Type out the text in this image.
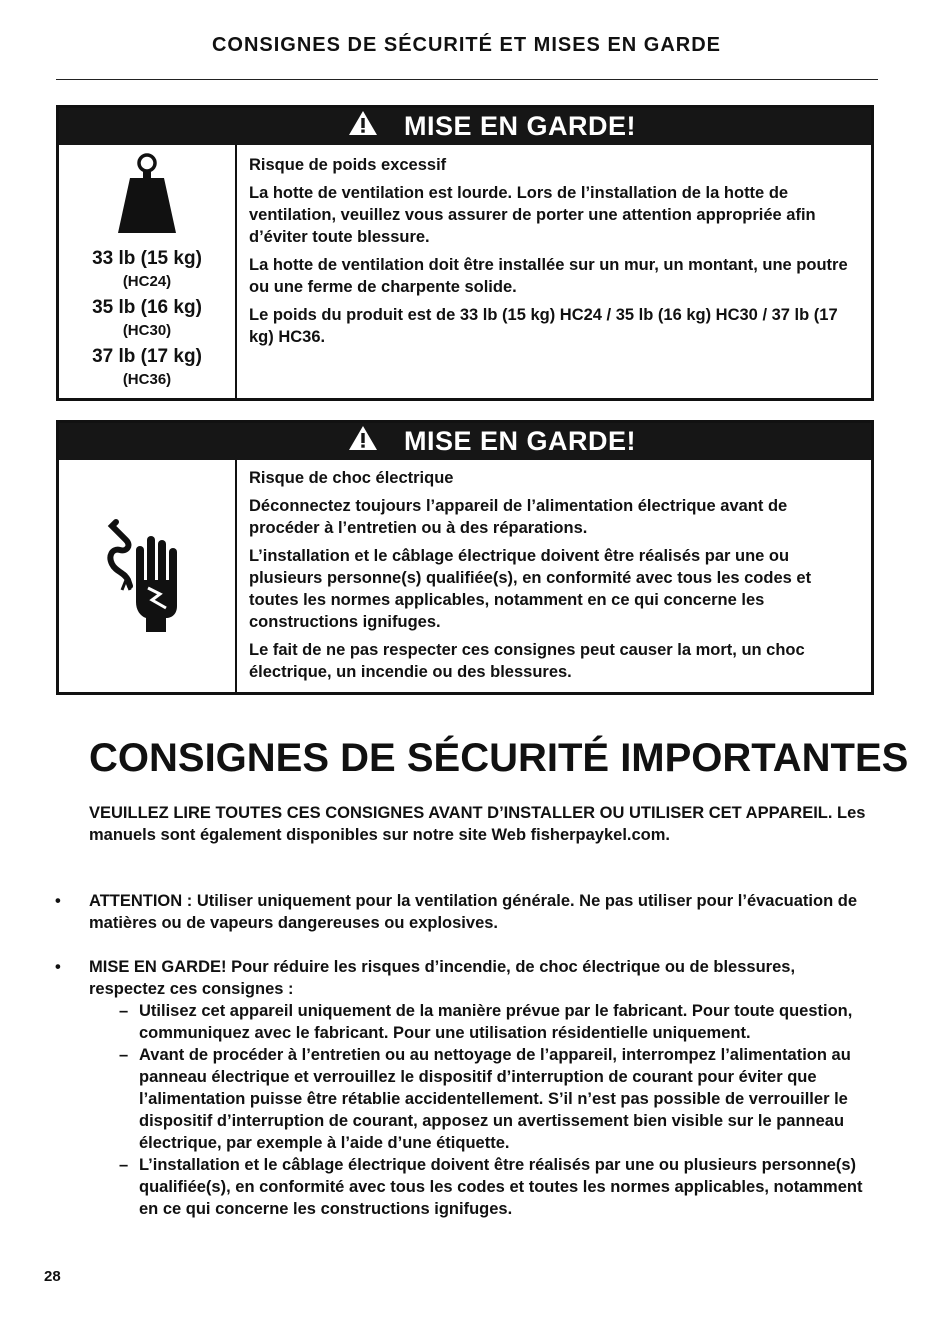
CONSIGNES DE SÉCURITÉ ET MISES EN GARDE
MISE EN GARDE!
33 lb (15 kg)
(HC24)
35 lb (16 kg)
(HC30)
37 lb (17 kg)
(HC36)

Risque de poids excessif

La hotte de ventilation est lourde. Lors de l’installation de la hotte de ventilation, veuillez vous assurer de porter une attention appropriée afin d’éviter toute blessure.

La hotte de ventilation doit être installée sur un mur, un montant, une poutre ou une ferme de charpente solide.

Le poids du produit est de 33 lb (15 kg) HC24 / 35 lb (16 kg) HC30 / 37 lb (17 kg) HC36.

MISE EN GARDE!

Risque de choc électrique

Déconnectez toujours l’appareil de l’alimentation électrique avant de procéder à l’entretien ou à des réparations.

L’installation et le câblage électrique doivent être réalisés par une ou plusieurs personne(s) qualifiée(s), en conformité avec tous les codes et toutes les normes applicables, notamment en ce qui concerne les constructions ignifuges.

Le fait de ne pas respecter ces consignes peut causer la mort, un choc électrique, un incendie ou des blessures.

CONSIGNES DE SÉCURITÉ IMPORTANTES
VEUILLEZ LIRE TOUTES CES CONSIGNES AVANT D’INSTALLER OU UTILISER CET APPAREIL. Les manuels sont également disponibles sur notre site Web fisherpaykel.com.
• ATTENTION : Utiliser uniquement pour la ventilation générale. Ne pas utiliser pour l’évacuation de matières ou de vapeurs dangereuses ou explosives.
• MISE EN GARDE! Pour réduire les risques d’incendie, de choc électrique ou de blessures, respectez ces consignes :
– Utilisez cet appareil uniquement de la manière prévue par le fabricant. Pour toute question, communiquez avec le fabricant. Pour une utilisation résidentielle uniquement.
– Avant de procéder à l’entretien ou au nettoyage de l’appareil, interrompez l’alimentation au panneau électrique et verrouillez le dispositif d’interruption de courant pour éviter que l’alimentation puisse être rétablie accidentellement. S’il n’est pas possible de verrouiller le dispositif d’interruption de courant, apposez un avertissement bien visible sur le panneau électrique, par exemple à l’aide d’une étiquette.
– L’installation et le câblage électrique doivent être réalisés par une ou plusieurs personne(s) qualifiée(s), en conformité avec tous les codes et toutes les normes applicables, notamment en ce qui concerne les constructions ignifuges.
28
